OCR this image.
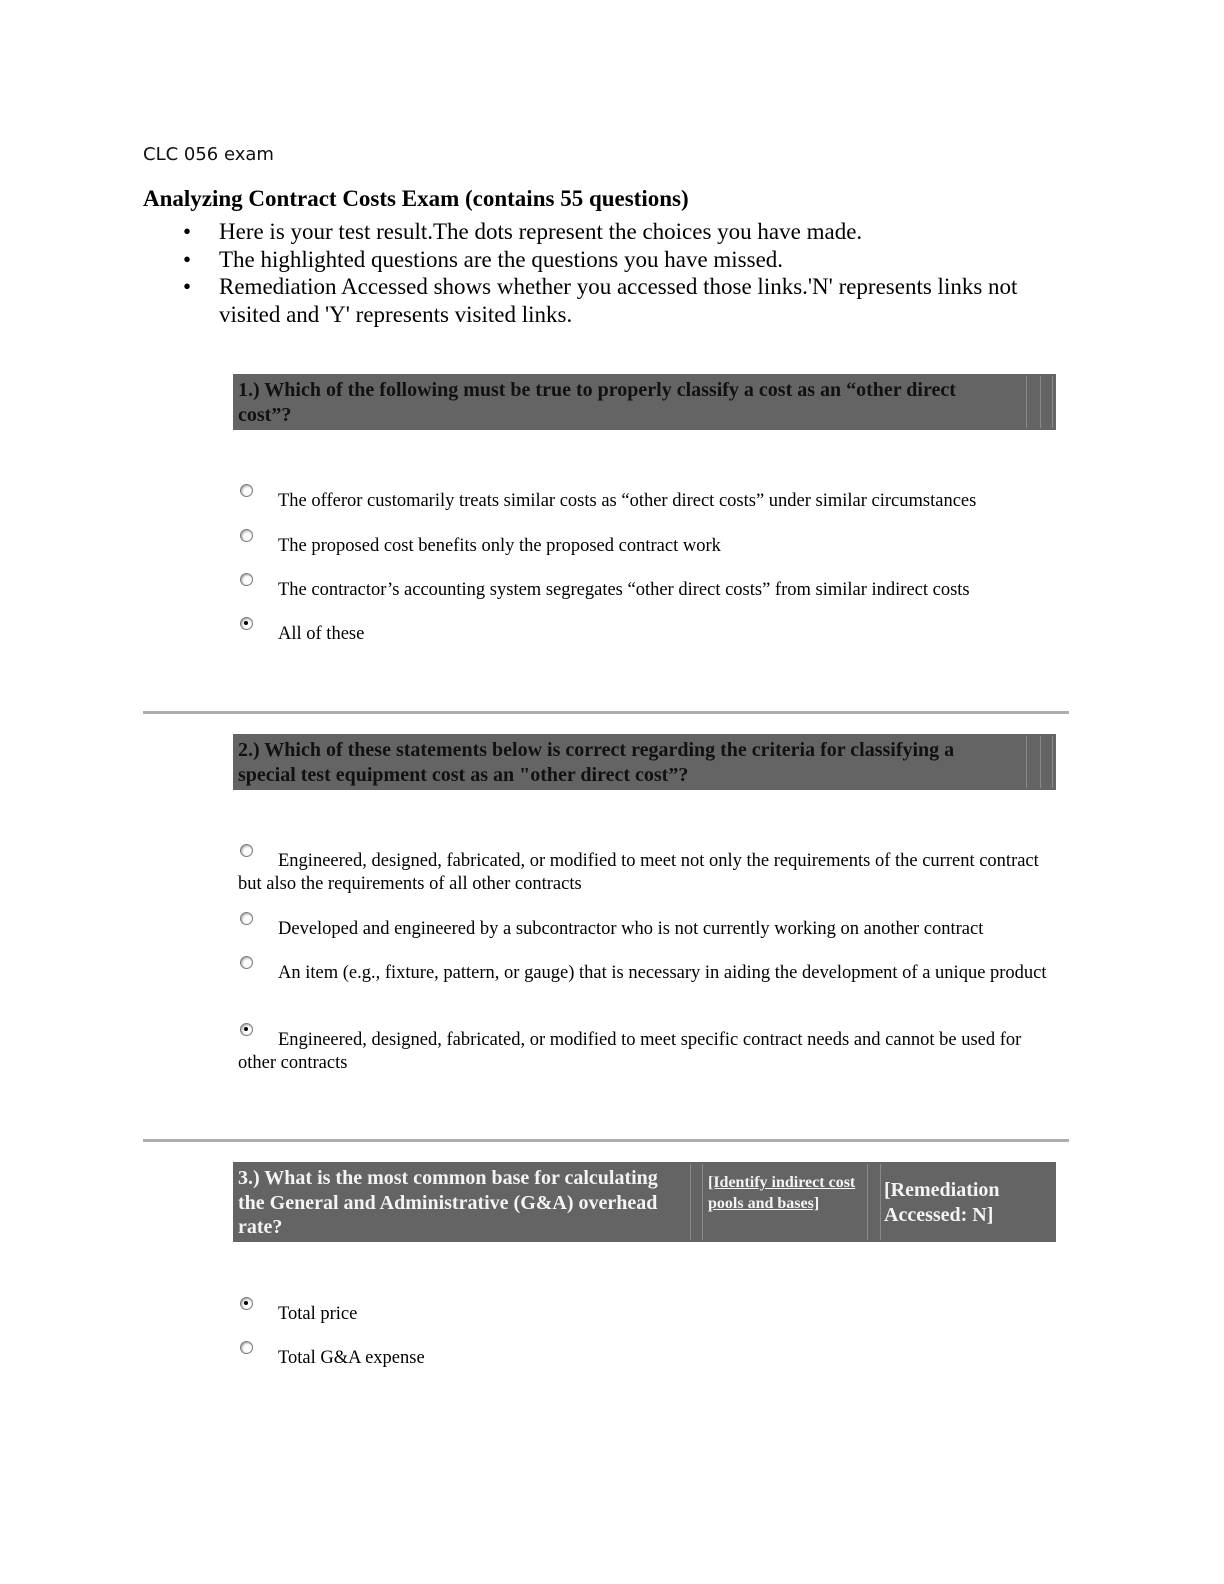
CLC 056 exam
Analyzing Contract Costs Exam (contains 55 questions)
• Here is your test result.The dots represent the choices you have made.
• The highlighted questions are the questions you have missed.
• Remediation Accessed shows whether you accessed those links.'N' represents links not visited and 'Y' represents visited links.
1.) Which of the following must be true to properly classify a cost as an “other direct cost”?
The offeror customarily treats similar costs as “other direct costs” under similar circumstances
The proposed cost benefits only the proposed contract work
The contractor’s accounting system segregates “other direct costs” from similar indirect costs
All of these
2.) Which of these statements below is correct regarding the criteria for classifying a special test equipment cost as an "other direct cost”?
Engineered, designed, fabricated, or modified to meet not only the requirements of the current contract but also the requirements of all other contracts
Developed and engineered by a subcontractor who is not currently working on another contract
An item (e.g., fixture, pattern, or gauge) that is necessary in aiding the development of a unique product
Engineered, designed, fabricated, or modified to meet specific contract needs and cannot be used for other contracts
3.) What is the most common base for calculating the General and Administrative (G&A) overhead rate?
[Identify indirect cost pools and bases]
[Remediation Accessed: N]
Total price
Total G&A expense
